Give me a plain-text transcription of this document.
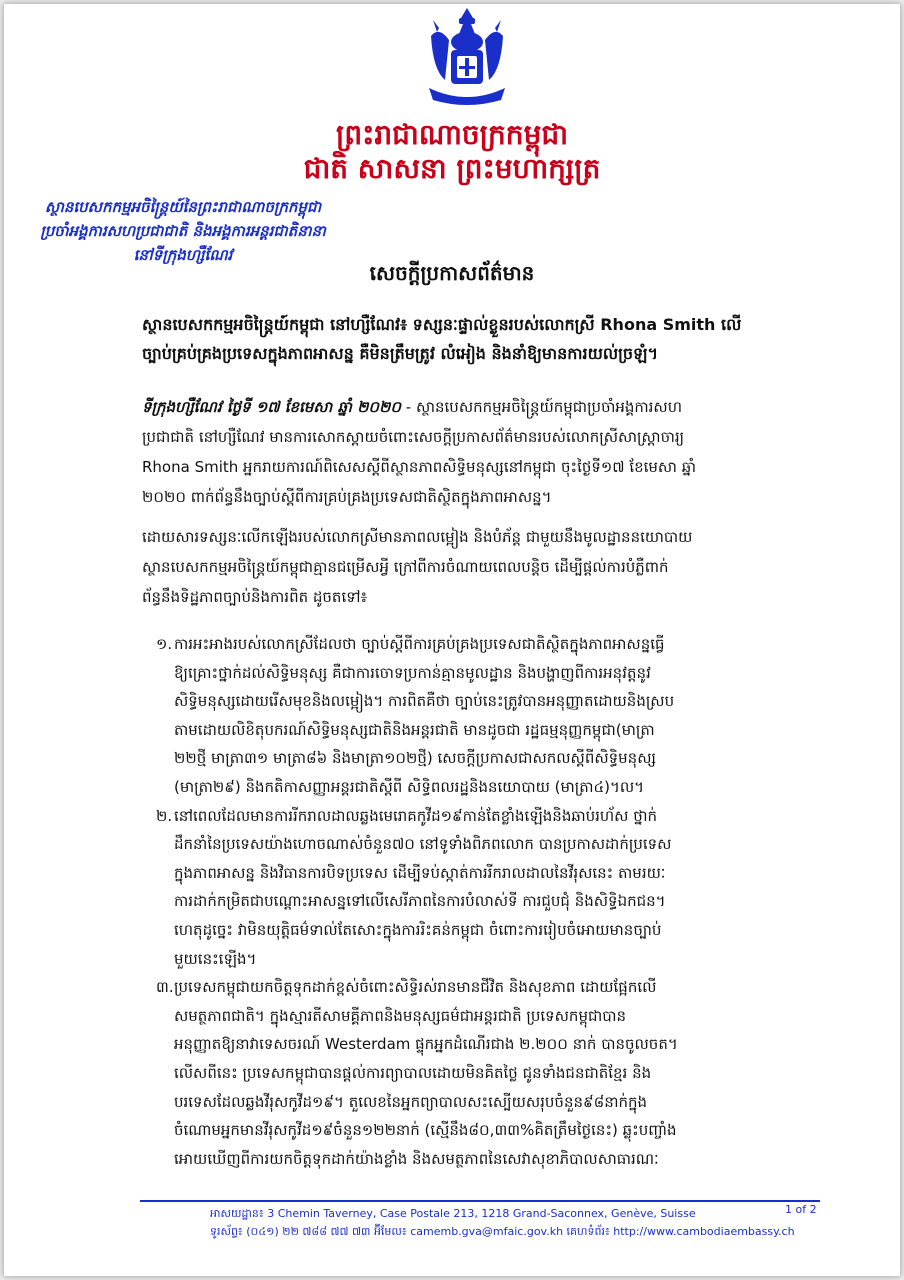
ព្រះរាជាណាចក្រកម្ពុជា
ជាតិ សាសនា ព្រះមហាក្សត្រ
ស្ថានបេសកកម្មអចិន្ត្រៃយ៍នៃព្រះរាជាណាចក្រកម្ពុជា
ប្រចាំអង្គការសហប្រជាជាតិ និងអង្គការអន្តរជាតិនានា
នៅទីក្រុងហ្សឺណែវ
សេចក្តីប្រកាសព័ត៌មាន
ស្ថានបេសកកម្មអចិន្ត្រៃយ៍កម្ពុជា នៅហ្សឺណែវ៖ ទស្សនៈផ្ទាល់ខ្លួនរបស់លោកស្រី Rhona Smith លើ
ច្បាប់គ្រប់គ្រងប្រទេសក្នុងភាពអាសន្ន គឺមិនត្រឹមត្រូវ លំអៀង និងនាំឱ្យមានការយល់ច្រឡំ។
ទីក្រុងហ្សឺណែវ ថ្ងៃទី ១៧ ខែមេសា ឆ្នាំ ២០២០ - ស្ថានបេសកកម្មអចិន្ត្រៃយ៍កម្ពុជាប្រចាំអង្គការសហ
ប្រជាជាតិ នៅហ្សឺណែវ មានការសោកស្តាយចំពោះសេចក្តីប្រកាសព័ត៌មានរបស់លោកស្រីសាស្ត្រាចារ្យ
Rhona Smith អ្នករាយការណ៍ពិសេសស្តីពីស្ថានភាពសិទ្ធិមនុស្សនៅកម្ពុជា ចុះថ្ងៃទី១៧ ខែមេសា ឆ្នាំ
២០២០ ពាក់ព័ន្ធនឹងច្បាប់ស្តីពីការគ្រប់គ្រងប្រទេសជាតិស្ថិតក្នុងភាពអាសន្ន។
ដោយសារទស្សនៈលើកឡើងរបស់លោកស្រីមានភាពលម្អៀង និងបំភ័ន្ត ជាមួយនឹងមូលដ្ឋាននយោបាយ
ស្ថានបេសកកម្មអចិន្ត្រៃយ៍កម្ពុជាគ្មានជម្រើសអ្វី ក្រៅពីការចំណាយពេលបន្តិច ដើម្បីផ្តល់ការបំភ្លឺពាក់
ព័ន្ធនឹងទិដ្ឋភាពច្បាប់និងការពិត ដូចតទៅ៖
១. ការអះអាងរបស់លោកស្រីដែលថា ច្បាប់ស្តីពីការគ្រប់គ្រងប្រទេសជាតិស្ថិតក្នុងភាពអាសន្នធ្វើ
ឱ្យគ្រោះថ្នាក់ដល់សិទ្ធិមនុស្ស គឺជាការចោទប្រកាន់គ្មានមូលដ្ឋាន និងបង្ហាញពីការអនុវត្តនូវ
សិទ្ធិមនុស្សដោយរើសមុខនិងលម្អៀង។ ការពិតគឺថា ច្បាប់នេះត្រូវបានអនុញ្ញាតដោយនិងស្រប
តាមដោយលិខិតុបករណ៍សិទ្ធិមនុស្សជាតិនិងអន្តរជាតិ មានដូចជា រដ្ឋធម្មនុញ្ញកម្ពុជា(មាត្រា
២២ថ្មី មាត្រា៣១ មាត្រា៨៦ និងមាត្រា១០២ថ្មី) សេចក្តីប្រកាសជាសកលស្តីពីសិទ្ធិមនុស្ស
(មាត្រា២៩) និងកតិកាសញ្ញាអន្តរជាតិស្តីពី សិទ្ធិពលរដ្ឋនិងនយោបាយ (មាត្រា៤)។ល។
២. នៅពេលដែលមានការរីករាលដាលឆ្លងមេរោគកូវីដ១៩កាន់តែខ្លាំងឡើងនិងឆាប់រហ័ស ថ្នាក់
ដឹកនាំនៃប្រទេសយ៉ាងហោចណាស់ចំនួន៧០ នៅទូទាំងពិភពលោក បានប្រកាសដាក់ប្រទេស
ក្នុងភាពអាសន្ន និងវិធានការបិទប្រទេស ដើម្បីទប់ស្កាត់ការរីករាលដាលនៃវីរុសនេះ តាមរយៈ
ការដាក់កម្រិតជាបណ្តោះអាសន្នទៅលើសេរីភាពនៃការបំលាស់ទី ការជួបជុំ និងសិទ្ធិឯកជន។
ហេតុដូច្នេះ វាមិនយុត្តិធម៌ទាល់តែសោះក្នុងការរិះគន់កម្ពុជា ចំពោះការរៀបចំអោយមានច្បាប់
មួយនេះឡើង។
៣. ប្រទេសកម្ពុជាយកចិត្តទុកដាក់ខ្ពស់ចំពោះសិទ្ធិរស់រានមានជីវិត និងសុខភាព ដោយផ្អែកលើ
សមត្ថភាពជាតិ។ ក្នុងស្មារតីសាមគ្គីភាពនិងមនុស្សធម៌ជាអន្តរជាតិ ប្រទេសកម្ពុជាបាន
អនុញ្ញាតឱ្យនាវាទេសចរណ៍ Westerdam ផ្ទុកអ្នកដំណើរជាង ២.២០០ នាក់ បានចូលចត។
លើសពីនេះ ប្រទេសកម្ពុជាបានផ្តល់ការព្យាបាលដោយមិនគិតថ្លៃ ជូនទាំងជនជាតិខ្មែរ និង
បរទេសដែលឆ្លងវីរុសកូវីដ១៩។ តួលេខនៃអ្នកព្យាបាលសះស្បើយសរុបចំនួន៩៨នាក់ក្នុង
ចំណោមអ្នកមានវីរុសកូវីដ១៩ចំនួន១២២នាក់ (ស្មើនឹង៨០,៣៣%គិតត្រឹមថ្ងៃនេះ) ឆ្លុះបញ្ចាំង
អោយឃើញពីការយកចិត្តទុកដាក់យ៉ាងខ្លាំង និងសមត្ថភាពនៃសេវាសុខាភិបាលសាធារណៈ
1 of 2
អាសយដ្ឋាន៖ 3 Chemin Taverney, Case Postale 213, 1218 Grand-Saconnex, Genève, Suisse
ទូរស័ព្ទ៖ (០៤១) ២២ ៧៨៨ ៧៧ ៧៣ អ៊ីមែល៖ camemb.gva@mfaic.gov.kh គេហទំព័រ៖ http://www.cambodiaembassy.ch
